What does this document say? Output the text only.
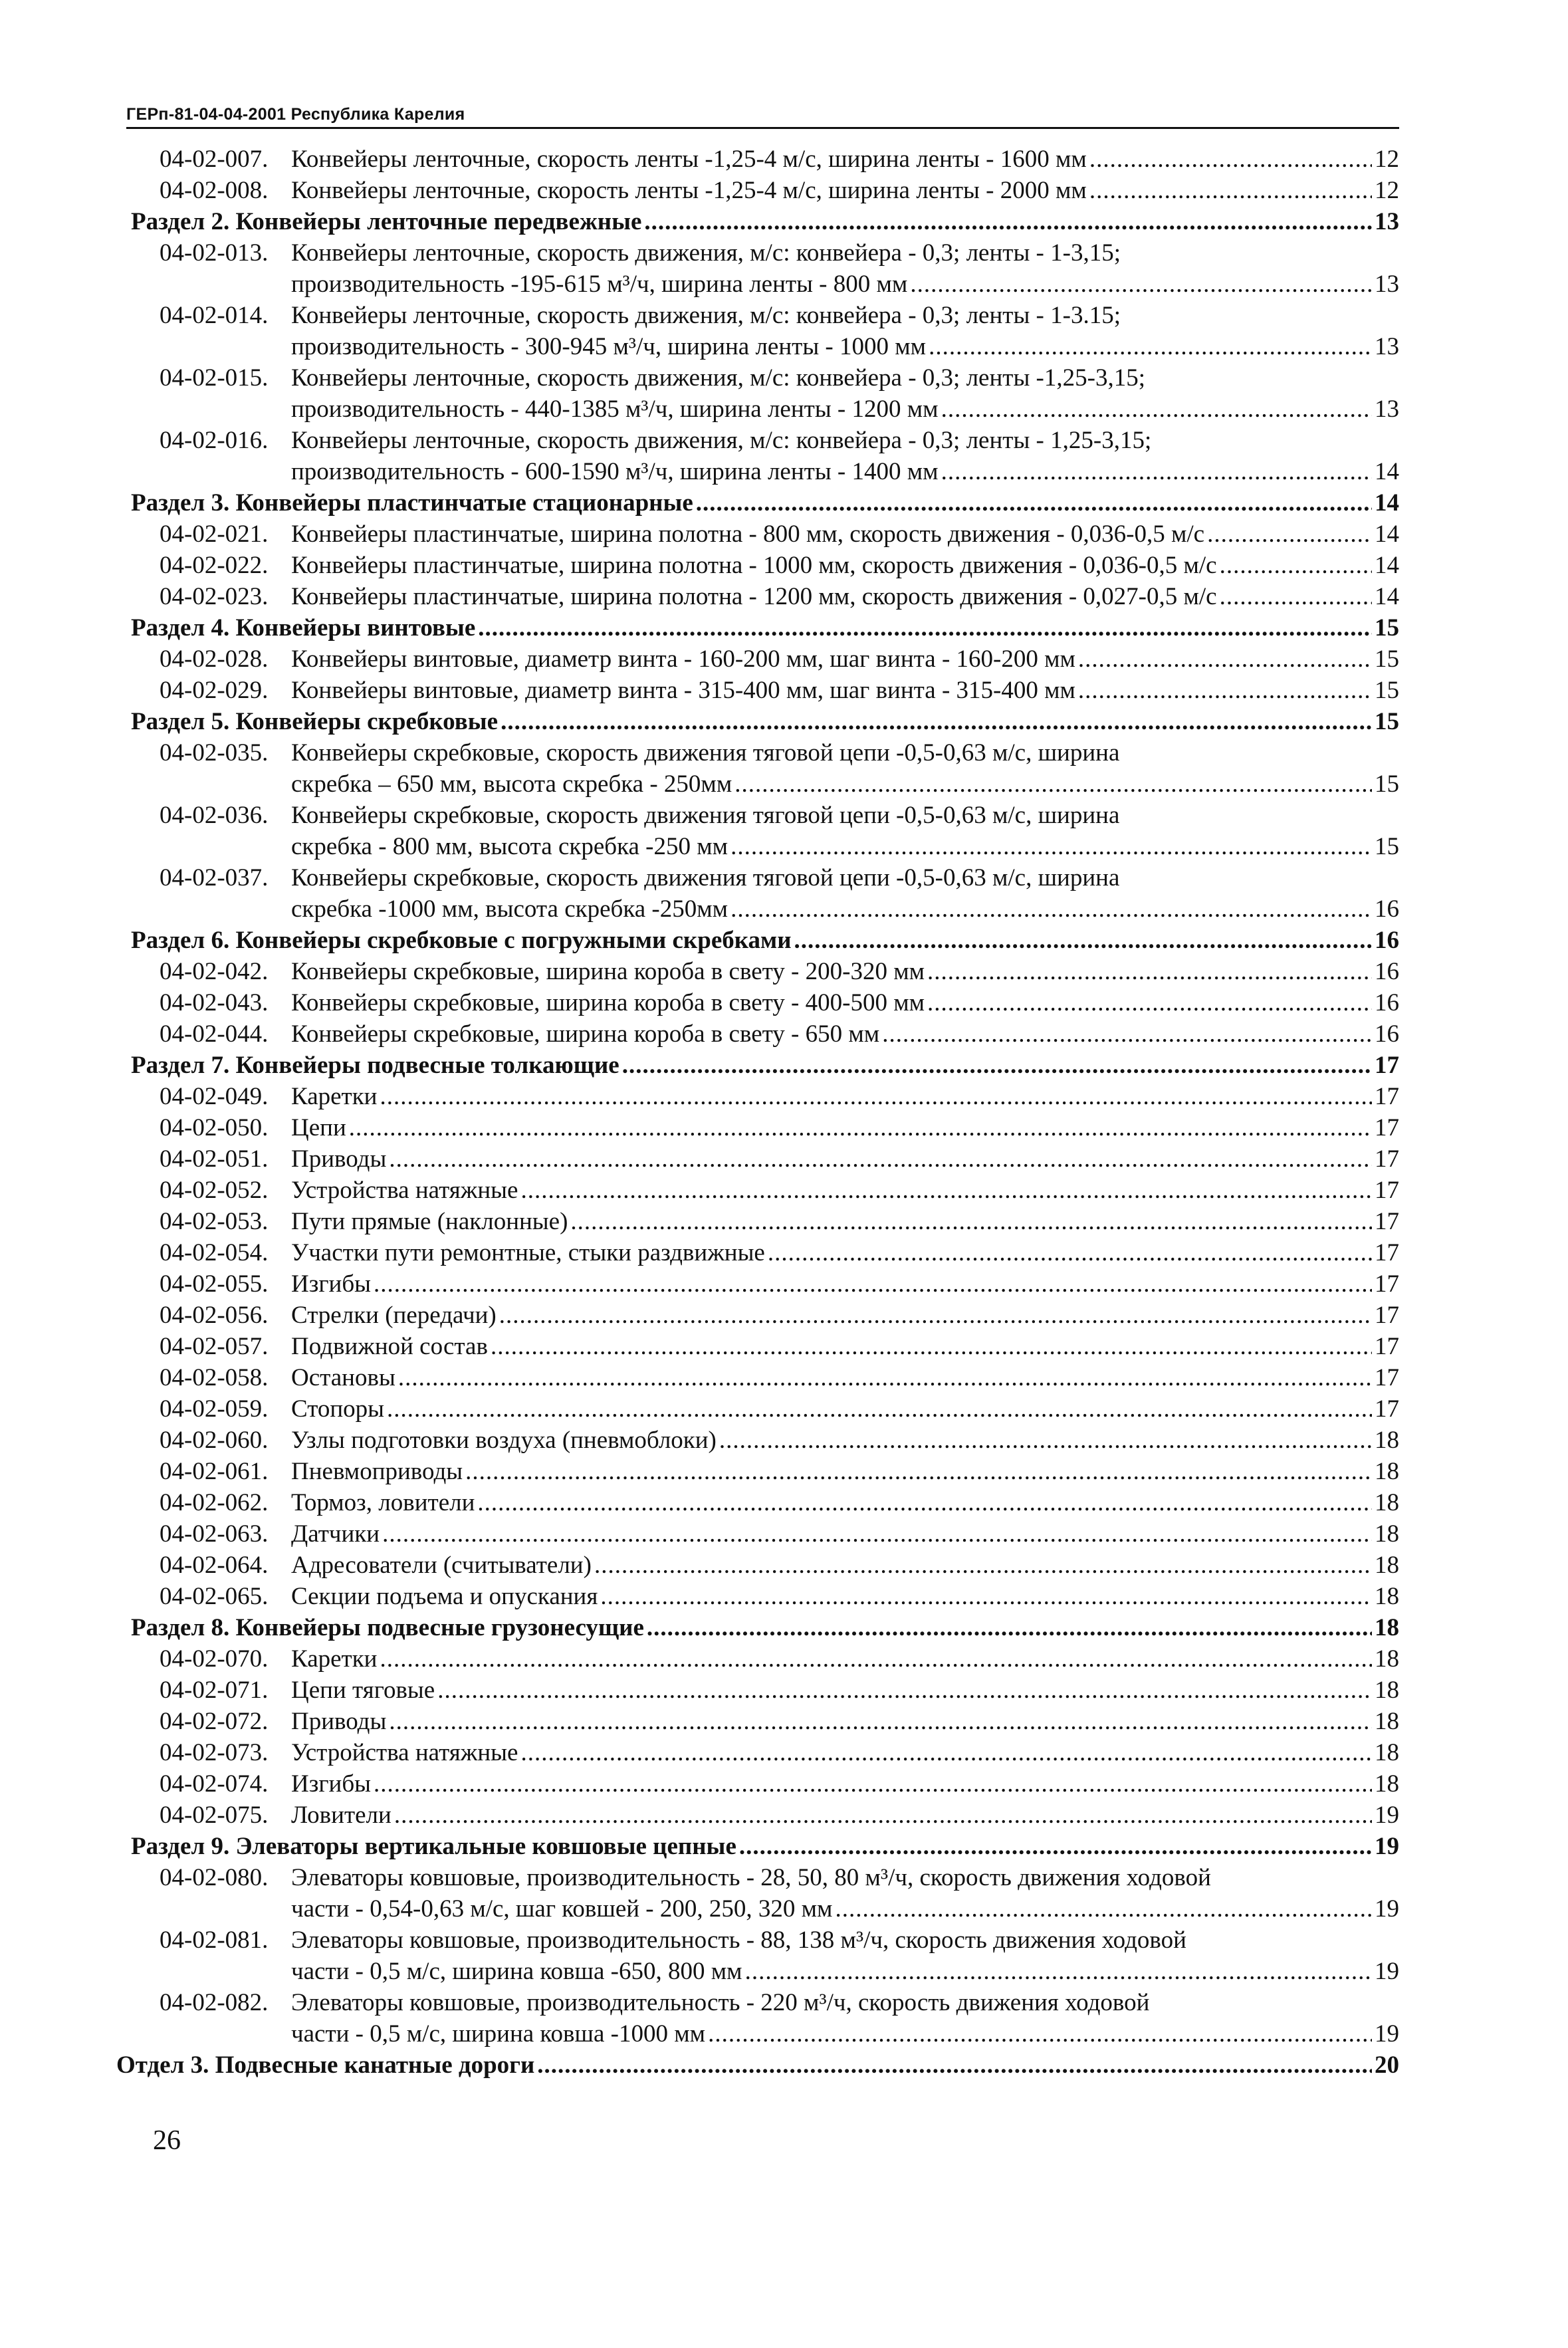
ГЕРп-81-04-04-2001 Республика Карелия
04-02-007. Конвейеры ленточные, скорость ленты -1,25-4 м/с, ширина ленты - 1600 мм .....	12
04-02-008. Конвейеры ленточные, скорость ленты -1,25-4 м/с, ширина ленты - 2000 мм .....	12
Раздел 2. Конвейеры ленточные передвежные .....	13
04-02-013. Конвейеры ленточные, скорость движения, м/с: конвейера - 0,3; ленты - 1-3,15;
производительность -195-615 м³/ч, ширина ленты - 800 мм .....	13
04-02-014. Конвейеры ленточные, скорость движения, м/с: конвейера - 0,3; ленты - 1-3.15;
производительность - 300-945 м³/ч, ширина ленты - 1000 мм .....	13
04-02-015. Конвейеры ленточные, скорость движения, м/с: конвейера - 0,3; ленты -1,25-3,15;
производительность - 440-1385 м³/ч, ширина ленты - 1200 мм .....	13
04-02-016. Конвейеры ленточные, скорость движения, м/с: конвейера - 0,3; ленты - 1,25-3,15;
производительность - 600-1590 м³/ч, ширина ленты - 1400 мм .....	14
Раздел 3. Конвейеры пластинчатые стационарные .....	14
04-02-021. Конвейеры пластинчатые, ширина полотна - 800 мм, скорость движения - 0,036-0,5 м/с .....	14
04-02-022. Конвейеры пластинчатые, ширина полотна - 1000 мм, скорость движения - 0,036-0,5 м/с .....	14
04-02-023. Конвейеры пластинчатые, ширина полотна - 1200 мм, скорость движения - 0,027-0,5 м/с .....	14
Раздел 4. Конвейеры винтовые .....	15
04-02-028. Конвейеры винтовые, диаметр винта - 160-200 мм, шаг винта - 160-200 мм .....	15
04-02-029. Конвейеры винтовые, диаметр винта - 315-400 мм, шаг винта - 315-400 мм .....	15
Раздел 5. Конвейеры скребковые .....	15
04-02-035. Конвейеры скребковые, скорость движения тяговой цепи -0,5-0,63 м/с, ширина
скребка – 650 мм, высота скребка - 250мм .....	15
04-02-036. Конвейеры скребковые, скорость движения тяговой цепи -0,5-0,63 м/с, ширина
скребка - 800 мм, высота скребка -250 мм .....	15
04-02-037. Конвейеры скребковые, скорость движения тяговой цепи -0,5-0,63 м/с, ширина
скребка -1000 мм, высота скребка -250мм .....	16
Раздел 6. Конвейеры скребковые с погружными скребками .....	16
04-02-042. Конвейеры скребковые, ширина короба в свету - 200-320 мм .....	16
04-02-043. Конвейеры скребковые, ширина короба в свету - 400-500 мм .....	16
04-02-044. Конвейеры скребковые, ширина короба в свету - 650 мм .....	16
Раздел 7. Конвейеры подвесные толкающие .....	17
04-02-049. Каретки .....	17
04-02-050. Цепи .....	17
04-02-051. Приводы .....	17
04-02-052. Устройства натяжные .....	17
04-02-053. Пути прямые (наклонные) .....	17
04-02-054. Участки пути ремонтные, стыки раздвижные .....	17
04-02-055. Изгибы .....	17
04-02-056. Стрелки (передачи) .....	17
04-02-057. Подвижной состав .....	17
04-02-058. Остановы .....	17
04-02-059. Стопоры .....	17
04-02-060. Узлы подготовки воздуха (пневмоблоки) .....	18
04-02-061. Пневмоприводы .....	18
04-02-062. Тормоз, ловители .....	18
04-02-063. Датчики .....	18
04-02-064. Адресователи (считыватели) .....	18
04-02-065. Секции подъема и опускания .....	18
Раздел 8. Конвейеры подвесные грузонесущие .....	18
04-02-070. Каретки .....	18
04-02-071. Цепи тяговые .....	18
04-02-072. Приводы .....	18
04-02-073. Устройства натяжные .....	18
04-02-074. Изгибы .....	18
04-02-075. Ловители .....	19
Раздел 9. Элеваторы вертикальные ковшовые цепные .....	19
04-02-080. Элеваторы ковшовые, производительность - 28, 50, 80 м³/ч, скорость движения ходовой
части - 0,54-0,63 м/с, шаг ковшей - 200, 250, 320 мм .....	19
04-02-081. Элеваторы ковшовые, производительность - 88, 138 м³/ч, скорость движения ходовой
части - 0,5 м/с, ширина ковша -650, 800 мм .....	19
04-02-082. Элеваторы ковшовые, производительность - 220 м³/ч, скорость движения ходовой
части - 0,5 м/с, ширина ковша -1000 мм .....	19
Отдел 3. Подвесные канатные дороги .....	20
26
